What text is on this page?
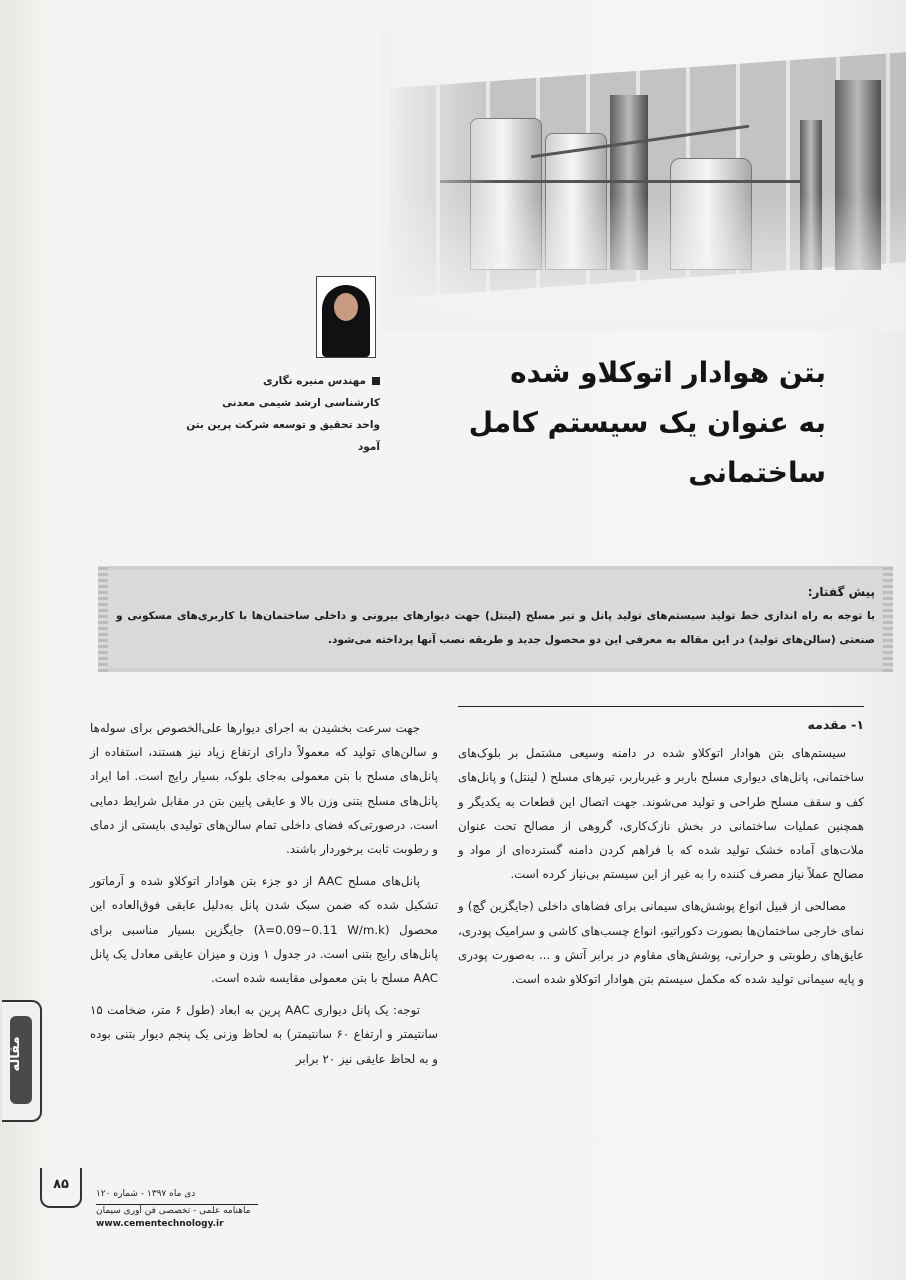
بتن هوادار اتوکلاو شده
به عنوان یک سیستم کامل ساختمانی
مهندس منیره نگاری
کارشناسی ارشد شیمی معدنی
واحد تحقیق و توسعه شرکت پرین بتن آمود
پیش گفتار:
با توجه به راه اندازی خط تولید سیستم‌های تولید پانل و تیر مسلح (لینتل) جهت دیوارهای بیرونی و داخلی ساختمان‌ها با کاربری‌های مسکونی و صنعتی (سالن‌های تولید) در این مقاله به معرفی این دو محصول جدید و طریقه نصب آنها پرداخته می‌شود.
۱- مقدمه

سیستم‌های بتن هوادار اتوکلاو شده در دامنه وسیعی مشتمل بر بلوک‌های ساختمانی، پانل‌های دیواری مسلح باربر و غیرباربر، تیرهای مسلح ( لینتل) و پانل‌های کف و سقف مسلح طراحی و تولید می‌شوند. جهت اتصال این قطعات به یکدیگر و همچنین عملیات ساختمانی در بخش نازک‌کاری، گروهی از مصالح تحت عنوان ملات‌های آماده خشک تولید شده که با فراهم کردن دامنه گسترده‌ای از مواد و مصالح عملاً نیاز مصرف کننده را به غیر از این سیستم بی‌نیاز کرده است.

مصالحی از قبیل انواع پوشش‌های سیمانی برای فضاهای داخلی (جایگزین گچ) و نمای خارجی ساختمان‌ها بصورت دکوراتیو، انواع چسب‌های کاشی و سرامیک پودری، عایق‌های رطوبتی و حرارتی، پوشش‌های مقاوم در برابر آتش و ... به‌صورت پودری و پایه سیمانی تولید شده که مکمل سیستم بتن هوادار اتوکلاو شده است.

جهت سرعت بخشیدن به اجرای دیوارها علی‌الخصوص برای سوله‌ها و سالن‌های تولید که معمولاً دارای ارتفاع زیاد نیز هستند، استفاده از پانل‌های مسلح با بتن معمولی به‌جای بلوک، بسیار رایج است. اما ایراد پانل‌های مسلح بتنی وزن بالا و عایقی پایین بتن در مقابل شرایط دمایی است. درصورتی‌که فضای داخلی تمام سالن‌های تولیدی بایستی از دمای و رطوبت ثابت برخوردار باشند.

پانل‌های مسلح AAC از دو جزء بتن هوادار اتوکلاو شده و آرماتور تشکیل شده که ضمن سبک شدن پانل به‌دلیل عایقی فوق‌العاده این محصول (λ=0.09~0.11 W/m.k) جایگزین بسیار مناسبی برای پانل‌های رایج بتنی است. در جدول ۱ وزن و میزان عایقی معادل یک پانل AAC مسلح با بتن معمولی مقایسه شده است.

توجه: یک پانل دیواری AAC پرین به ابعاد (طول ۶ متر، ضخامت ۱۵ سانتیمتر و ارتفاع ۶۰ سانتیمتر) به لحاظ وزنی یک پنجم دیوار بتنی بوده و به لحاظ عایقی نیز ۲۰ برابر

مقاله
۸۵
دی ماه ۱۳۹۷ - شماره ۱۲۰
ماهنامه علمی - تخصصی فن آوری سیمان
www.cementechnology.ir
